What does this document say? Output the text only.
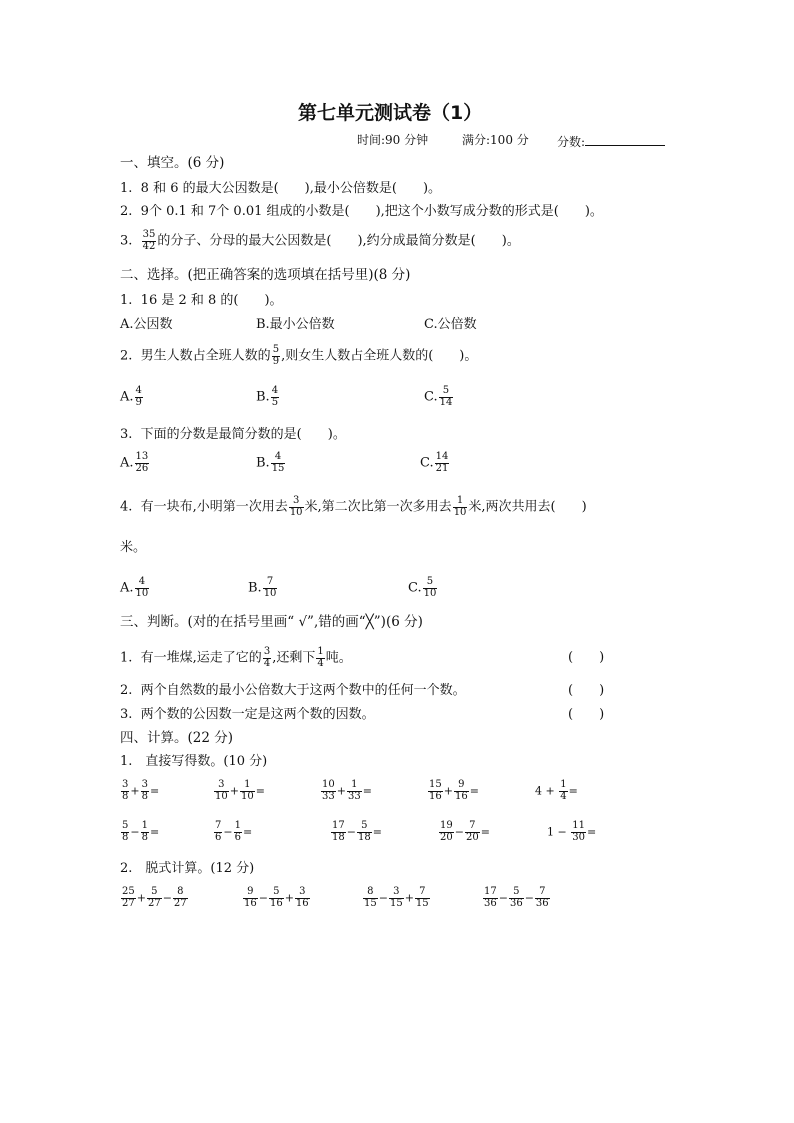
第七单元测试卷（1）
时间:90 分钟	满分:100 分 分数:
一、填空。(6 分)
1. 8 和 6 的最大公因数是(　　),最小公倍数是(　　)。
2. 9个 0.1 和 7个 0.01 组成的小数是(　　),把这个小数写成分数的形式是(　　)。
3. $\frac{35}{42}$ 的分子、分母的最大公因数是(　　),约分成最简分数是(　　)。
二、选择。(把正确答案的选项填在括号里)(8 分)
1. 16 是 2 和 8 的(　　)。
A.公因数	B.最小公倍数	C.公倍数
2. 男生人数占全班人数的 $\frac{5}{9}$ ,则女生人数占全班人数的(　　)。
A. $\frac{4}{9}$	B. $\frac{4}{5}$	C. $\frac{5}{14}$
3. 下面的分数是最简分数的是(　　)。
A. $\frac{13}{26}$	B. $\frac{4}{15}$	C. $\frac{14}{21}$
4. 有一块布,小明第一次用去 $\frac{3}{10}$ 米,第二次比第一次多用去 $\frac{1}{10}$ 米,两次共用去(　　)
米。
A. $\frac{4}{10}$	B. $\frac{7}{10}$	C. $\frac{5}{10}$
三、判断。(对的在括号里画“ √”,错的画“╳”)(6 分)
1. 有一堆煤,运走了它的 $\frac{3}{4}$ ,还剩下 $\frac{1}{4}$ 吨。	(　　)
2. 两个自然数的最小公倍数大于这两个数中的任何一个数。	(　　)
3. 两个数的公因数一定是这两个数的因数。	(　　)
四、计算。(22 分)
1.　直接写得数。(10 分)
$\frac{3}{8} + \frac{3}{8}$ =	$\frac{3}{10} + \frac{1}{10}$ =	$\frac{10}{33} + \frac{1}{33}$ =	$\frac{15}{16} + \frac{9}{16}$ =	$4 + \frac{1}{4}$ =
$\frac{5}{8} - \frac{1}{8}$ =	$\frac{7}{6} - \frac{1}{6}$ =	$\frac{17}{18} - \frac{5}{18}$ =	$\frac{19}{20} - \frac{7}{20}$ =	$1 - \frac{11}{30}$ =
2.　脱式计算。(12 分)
$\frac{25}{27} + \frac{5}{27} - \frac{8}{27}$	$\frac{9}{16} - \frac{5}{16} + \frac{3}{16}$	$\frac{8}{15} - \frac{3}{15} + \frac{7}{15}$	$\frac{17}{36} - \frac{5}{36} - \frac{7}{36}$
